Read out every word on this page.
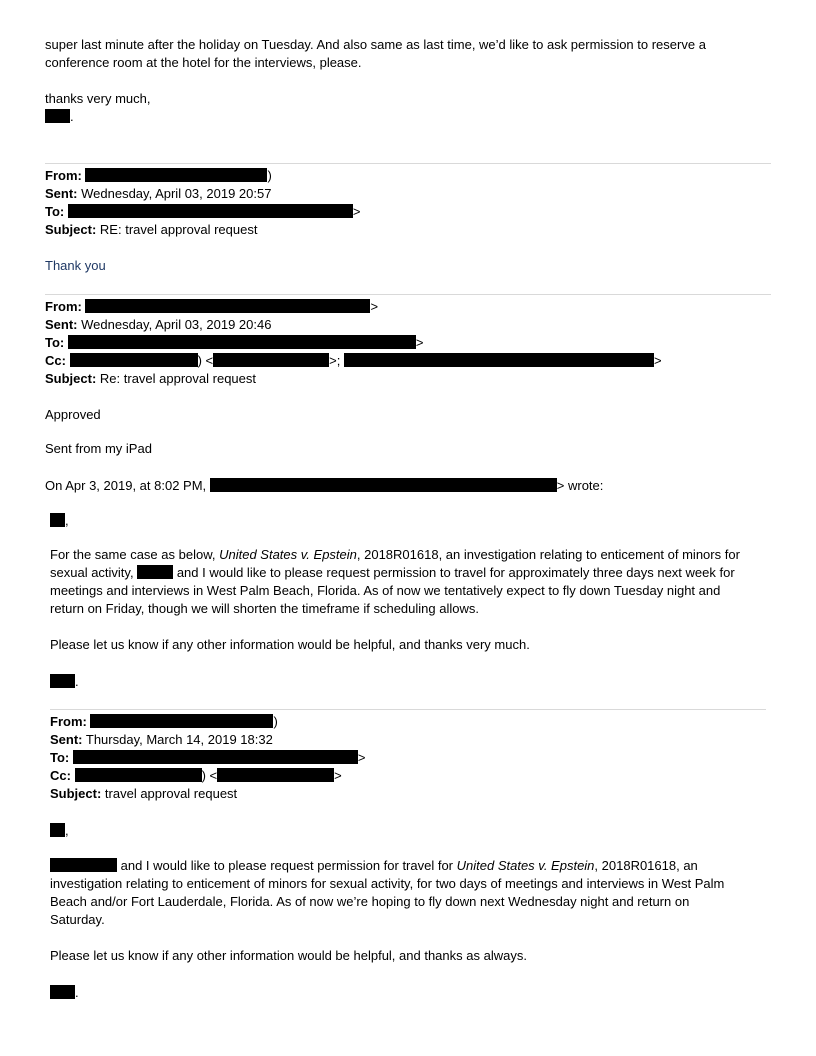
super last minute after the holiday on Tuesday. And also same as last time, we’d like to ask permission to reserve a
conference room at the hotel for the interviews, please.
thanks very much,
.
From:	)
Sent: Wednesday, April 03, 2019 20:57
To:	>
Subject: RE: travel approval request
Thank you
From:	>
Sent: Wednesday, April 03, 2019 20:46
To:	>
Cc:	) <	>;	>
Subject: Re: travel approval request
Approved
Sent from my iPad
On Apr 3, 2019, at 8:02 PM,	> wrote:
,
For the same case as below, United States v. Epstein, 2018R01618, an investigation relating to enticement of minors for
sexual activity,	and I would like to please request permission to travel for approximately three days next week for
meetings and interviews in West Palm Beach, Florida. As of now we tentatively expect to fly down Tuesday night and
return on Friday, though we will shorten the timeframe if scheduling allows.
Please let us know if any other information would be helpful, and thanks very much.
.
From:	)
Sent: Thursday, March 14, 2019 18:32
To:	>
Cc:	) <	>
Subject: travel approval request
,
and I would like to please request permission for travel for United States v. Epstein, 2018R01618, an
investigation relating to enticement of minors for sexual activity, for two days of meetings and interviews in West Palm
Beach and/or Fort Lauderdale, Florida. As of now we’re hoping to fly down next Wednesday night and return on
Saturday.
Please let us know if any other information would be helpful, and thanks as always.
.
